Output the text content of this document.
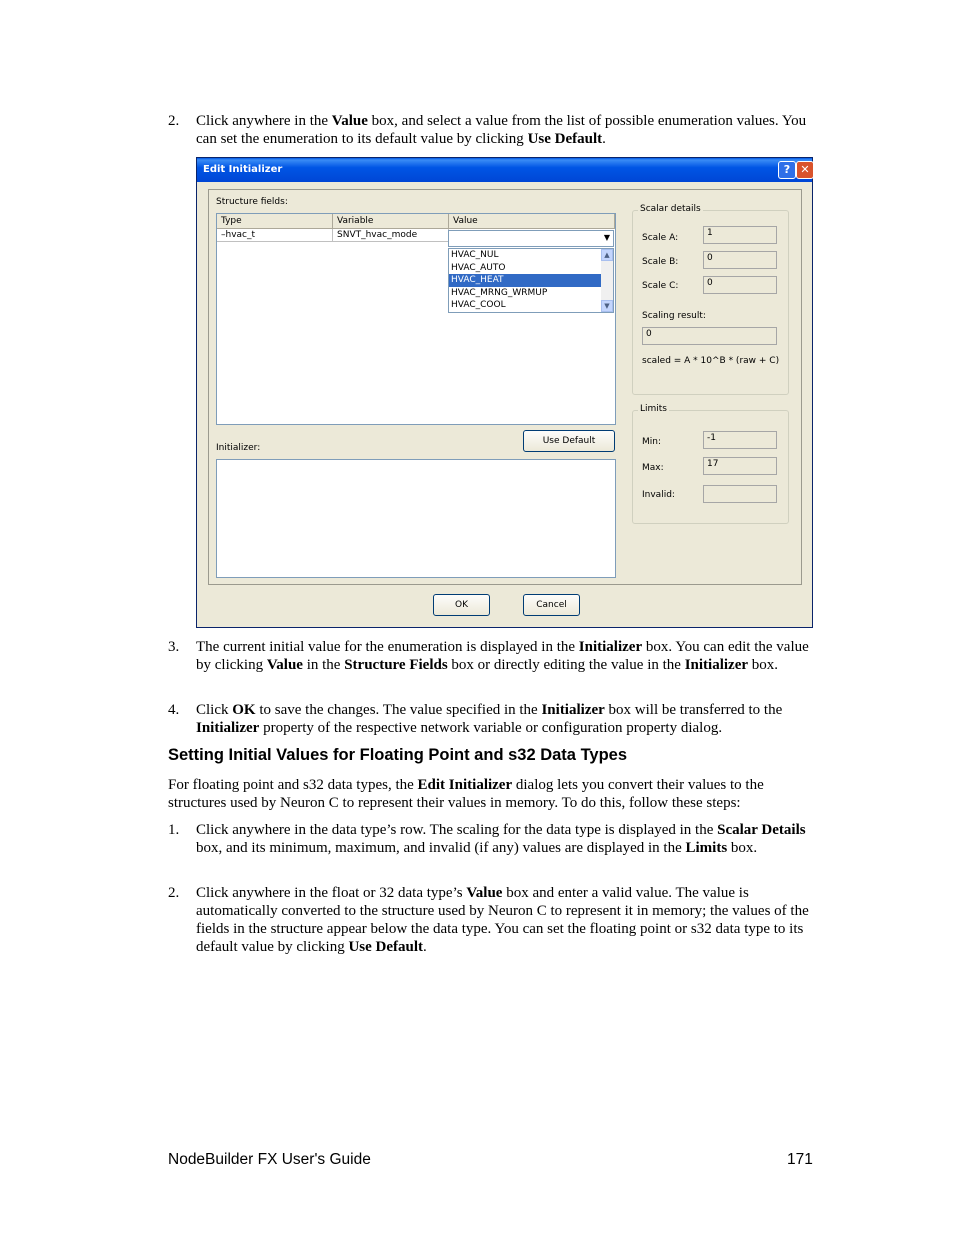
2. Click anywhere in the Value box, and select a value from the list of possible enumeration values. You can set the enumeration to its default value by clicking Use Default.
Edit Initializer	? ✕
Structure fields:
Type	Variable	Value
–hvac_t	SNVT_hvac_mode	▼
HVAC_NUL
HVAC_AUTO
HVAC_HEAT
HVAC_MRNG_WRMUP
HVAC_COOL
▲
▼
Initializer:
Use Default
Scalar details
Scale A:	1
Scale B:	0
Scale C:	0
Scaling result:
0
scaled = A * 10^B * (raw + C)
Limits
Min:	-1
Max:	17
Invalid:
OK	Cancel
3. The current initial value for the enumeration is displayed in the Initializer box. You can edit the value by clicking Value in the Structure Fields box or directly editing the value in the Initializer box.
4. Click OK to save the changes. The value specified in the Initializer box will be transferred to the Initializer property of the respective network variable or configuration property dialog.
Setting Initial Values for Floating Point and s32 Data Types
For floating point and s32 data types, the Edit Initializer dialog lets you convert their values to the structures used by Neuron C to represent their values in memory. To do this, follow these steps:
1. Click anywhere in the data type’s row. The scaling for the data type is displayed in the Scalar Details box, and its minimum, maximum, and invalid (if any) values are displayed in the Limits box.
2. Click anywhere in the float or 32 data type’s Value box and enter a valid value. The value is automatically converted to the structure used by Neuron C to represent it in memory; the values of the fields in the structure appear below the data type. You can set the floating point or s32 data type to its default value by clicking Use Default.
NodeBuilder FX User's Guide	171
